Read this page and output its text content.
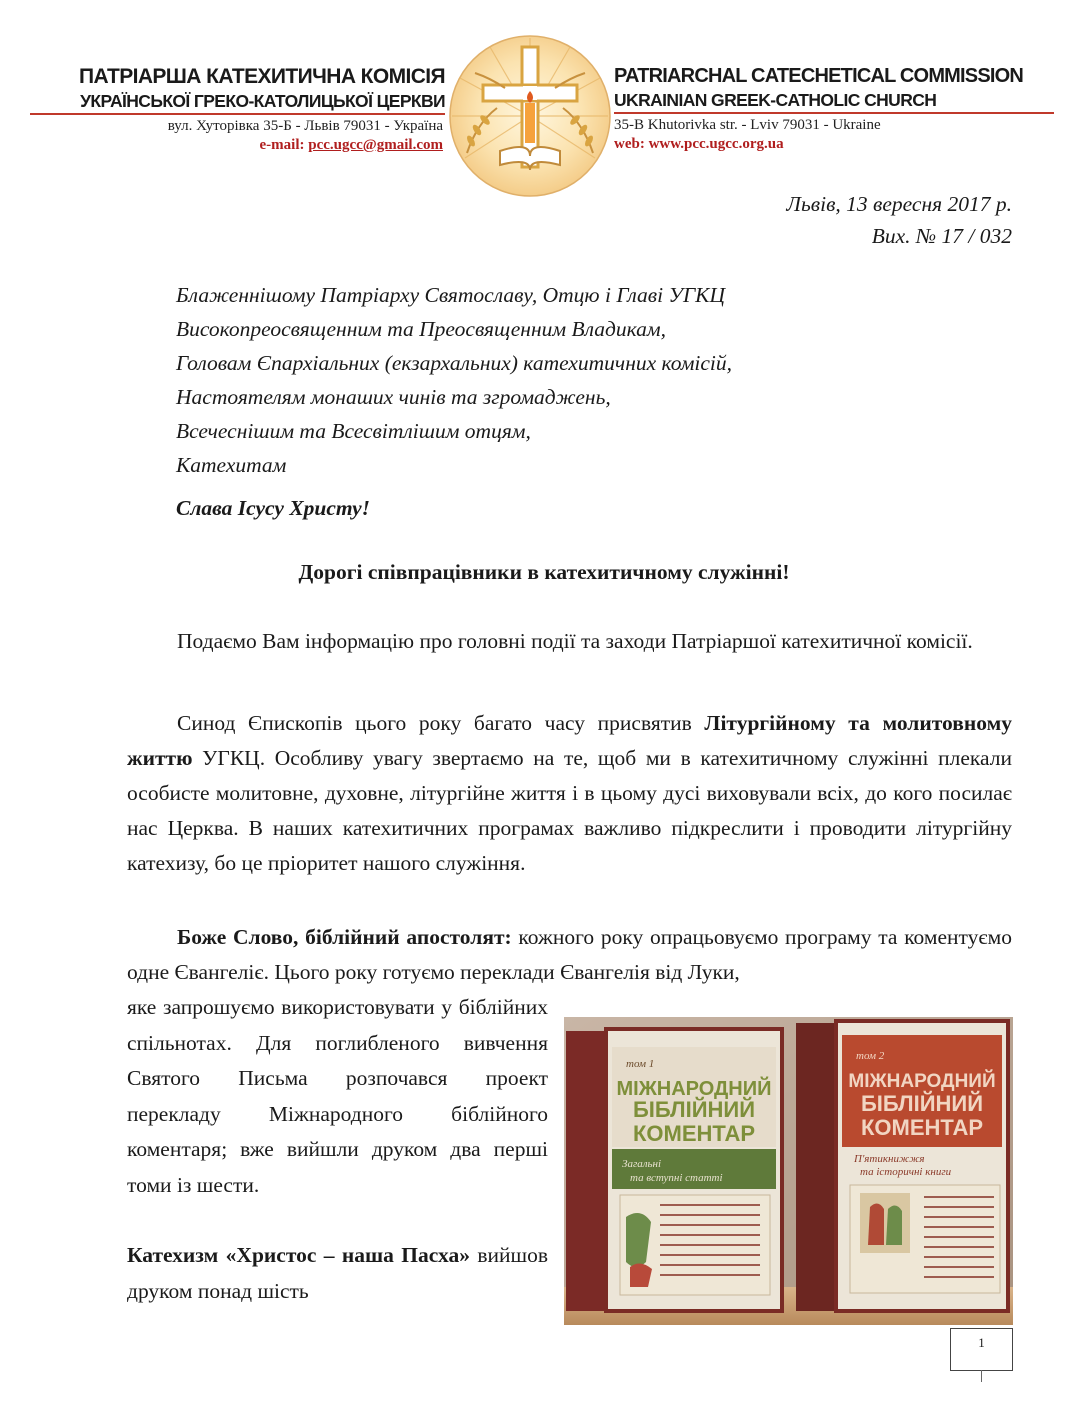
ПАТРІАРША КАТЕХИТИЧНА КОМІСІЯ
УКРАЇНСЬКОЇ ГРЕКО-КАТОЛИЦЬКОЇ ЦЕРКВИ
вул. Хуторівка 35-Б - Львів 79031 - Україна
e-mail: pcc.ugcc@gmail.com
PATRIARCHAL CATECHETICAL COMMISSION
UKRAINIAN GREEK-CATHOLIC CHURCH
35-B Khutorivka str. - Lviv 79031 - Ukraine
web: www.pcc.ugcc.org.ua
Львів, 13 вересня 2017 р.
Вих. № 17 / 032
Блаженнішому Патріарху Святославу, Отцю і Главі УГКЦ
Високопреосвященним та Преосвященним Владикам,
Головам Єпархіальних (екзархальних) катехитичних комісій,
Настоятелям монаших чинів та згромаджень,
Всечеснішим та Всесвітлішим отцям,
Катехитам
Слава Ісусу Христу!
Дорогі співпрацівники в катехитичному служінні!
Подаємо Вам інформацію про головні події та заходи Патріаршої катехитичної комісії.
Синод Єпископів цього року багато часу присвятив Літургійному та молитовному життю УГКЦ. Особливу увагу звертаємо на те, щоб ми в катехитичному служінні плекали особисте молитовне, духовне, літургійне життя і в цьому дусі виховували всіх, до кого посилає нас Церква. В наших катехитичних програмах важливо підкреслити і проводити літургійну катехизу, бо це пріоритет нашого служіння.
Боже Слово, біблійний апостолят: кожного року опрацьовуємо програму та коментуємо одне Євангеліє. Цього року готуємо переклади Євангелія від Луки,
яке запрошуємо використовувати у біблійних спільнотах. Для поглибленого вивчення Святого Письма розпочався проект перекладу Міжнародного біблійного коментаря; вже вийшли друком два перші томи із шести.
Катехизм «Христос – наша Пасха» вийшов друком понад шість
том 1
МІЖНАРОДНИЙ
БІБЛІЙНИЙ
КОМЕНТАР
Загальні
та вступні статті
том 2
МІЖНАРОДНИЙ
БІБЛІЙНИЙ
КОМЕНТАР
П'ятикнижжя
та історичні книги
1
